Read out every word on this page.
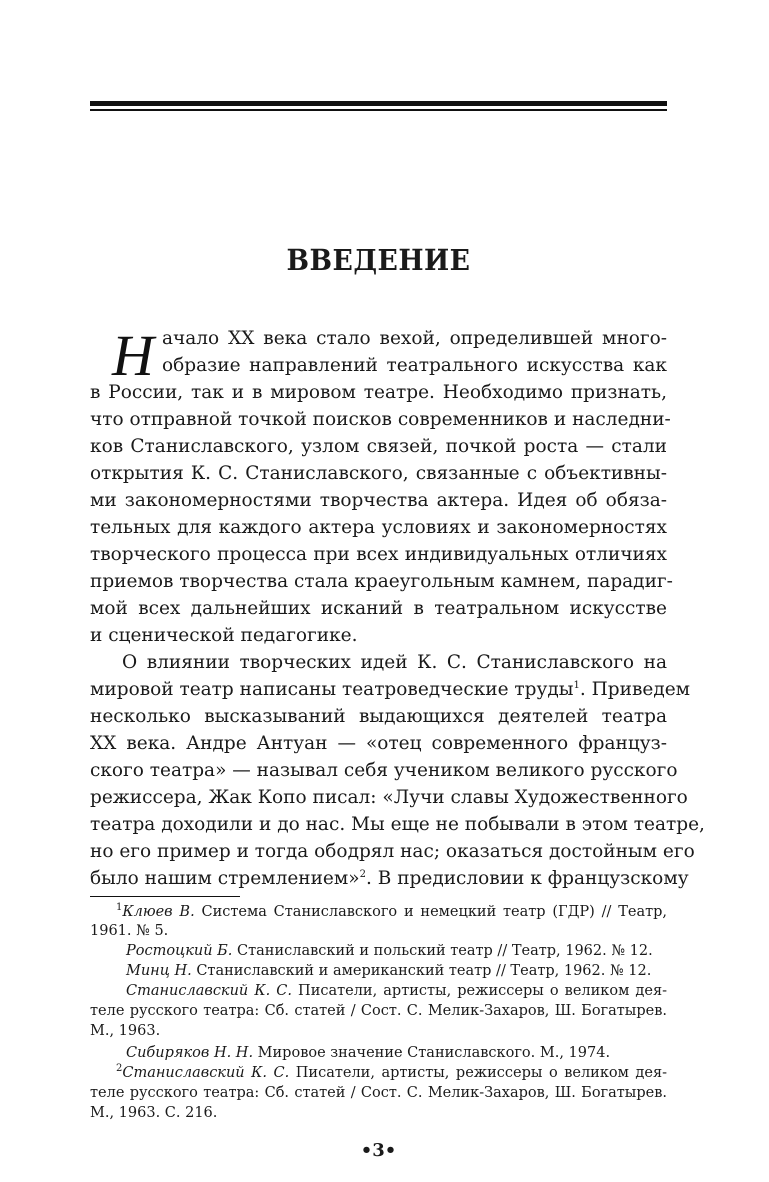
ВВЕДЕНИЕ
Н ачало XX века стало вехой, определившей много-
образие направлений театрального искусства как
в России, так и в мировом театре. Необходимо признать,
что отправной точкой поисков современников и наследни-
ков Станиславского, узлом связей, почкой роста — стали
открытия К. С. Станиславского, связанные с объективны-
ми закономерностями творчества актера. Идея об обяза-
тельных для каждого актера условиях и закономерностях
творческого процесса при всех индивидуальных отличиях
приемов творчества стала краеугольным камнем, парадиг-
мой всех дальнейших исканий в театральном искусстве
и сценической педагогике.
О влиянии творческих идей К. С. Станиславского на
мировой театр написаны театроведческие труды$^1$. Приведем
несколько высказываний выдающихся деятелей театра
XX века. Андре Антуан — «отец современного француз-
ского театра» — называл себя учеником великого русского
режиссера, Жак Копо писал: «Лучи славы Художественного
театра доходили и до нас. Мы еще не побывали в этом театре,
но его пример и тогда ободрял нас; оказаться достойным его
было нашим стремлением»$^2$. В предисловии к французскому
$^1$Клюев В. Система Станиславского и немецкий театр (ГДР) // Театр,
1961. № 5.
Ростоцкий Б. Станиславский и польский театр // Театр, 1962. № 12.
Минц Н. Станиславский и американский театр // Театр, 1962. № 12.
Станиславский К. С. Писатели, артисты, режиссеры о великом дея-
теле русского театра: Сб. статей / Сост. С. Мелик-Захаров, Ш. Богатырев.
М., 1963.
Сибиряков Н. Н. Мировое значение Станиславского. М., 1974.
$^2$Станиславский К. С. Писатели, артисты, режиссеры о великом дея-
теле русского театра: Сб. статей / Сост. С. Мелик-Захаров, Ш. Богатырев.
М., 1963. С. 216.
•3•
